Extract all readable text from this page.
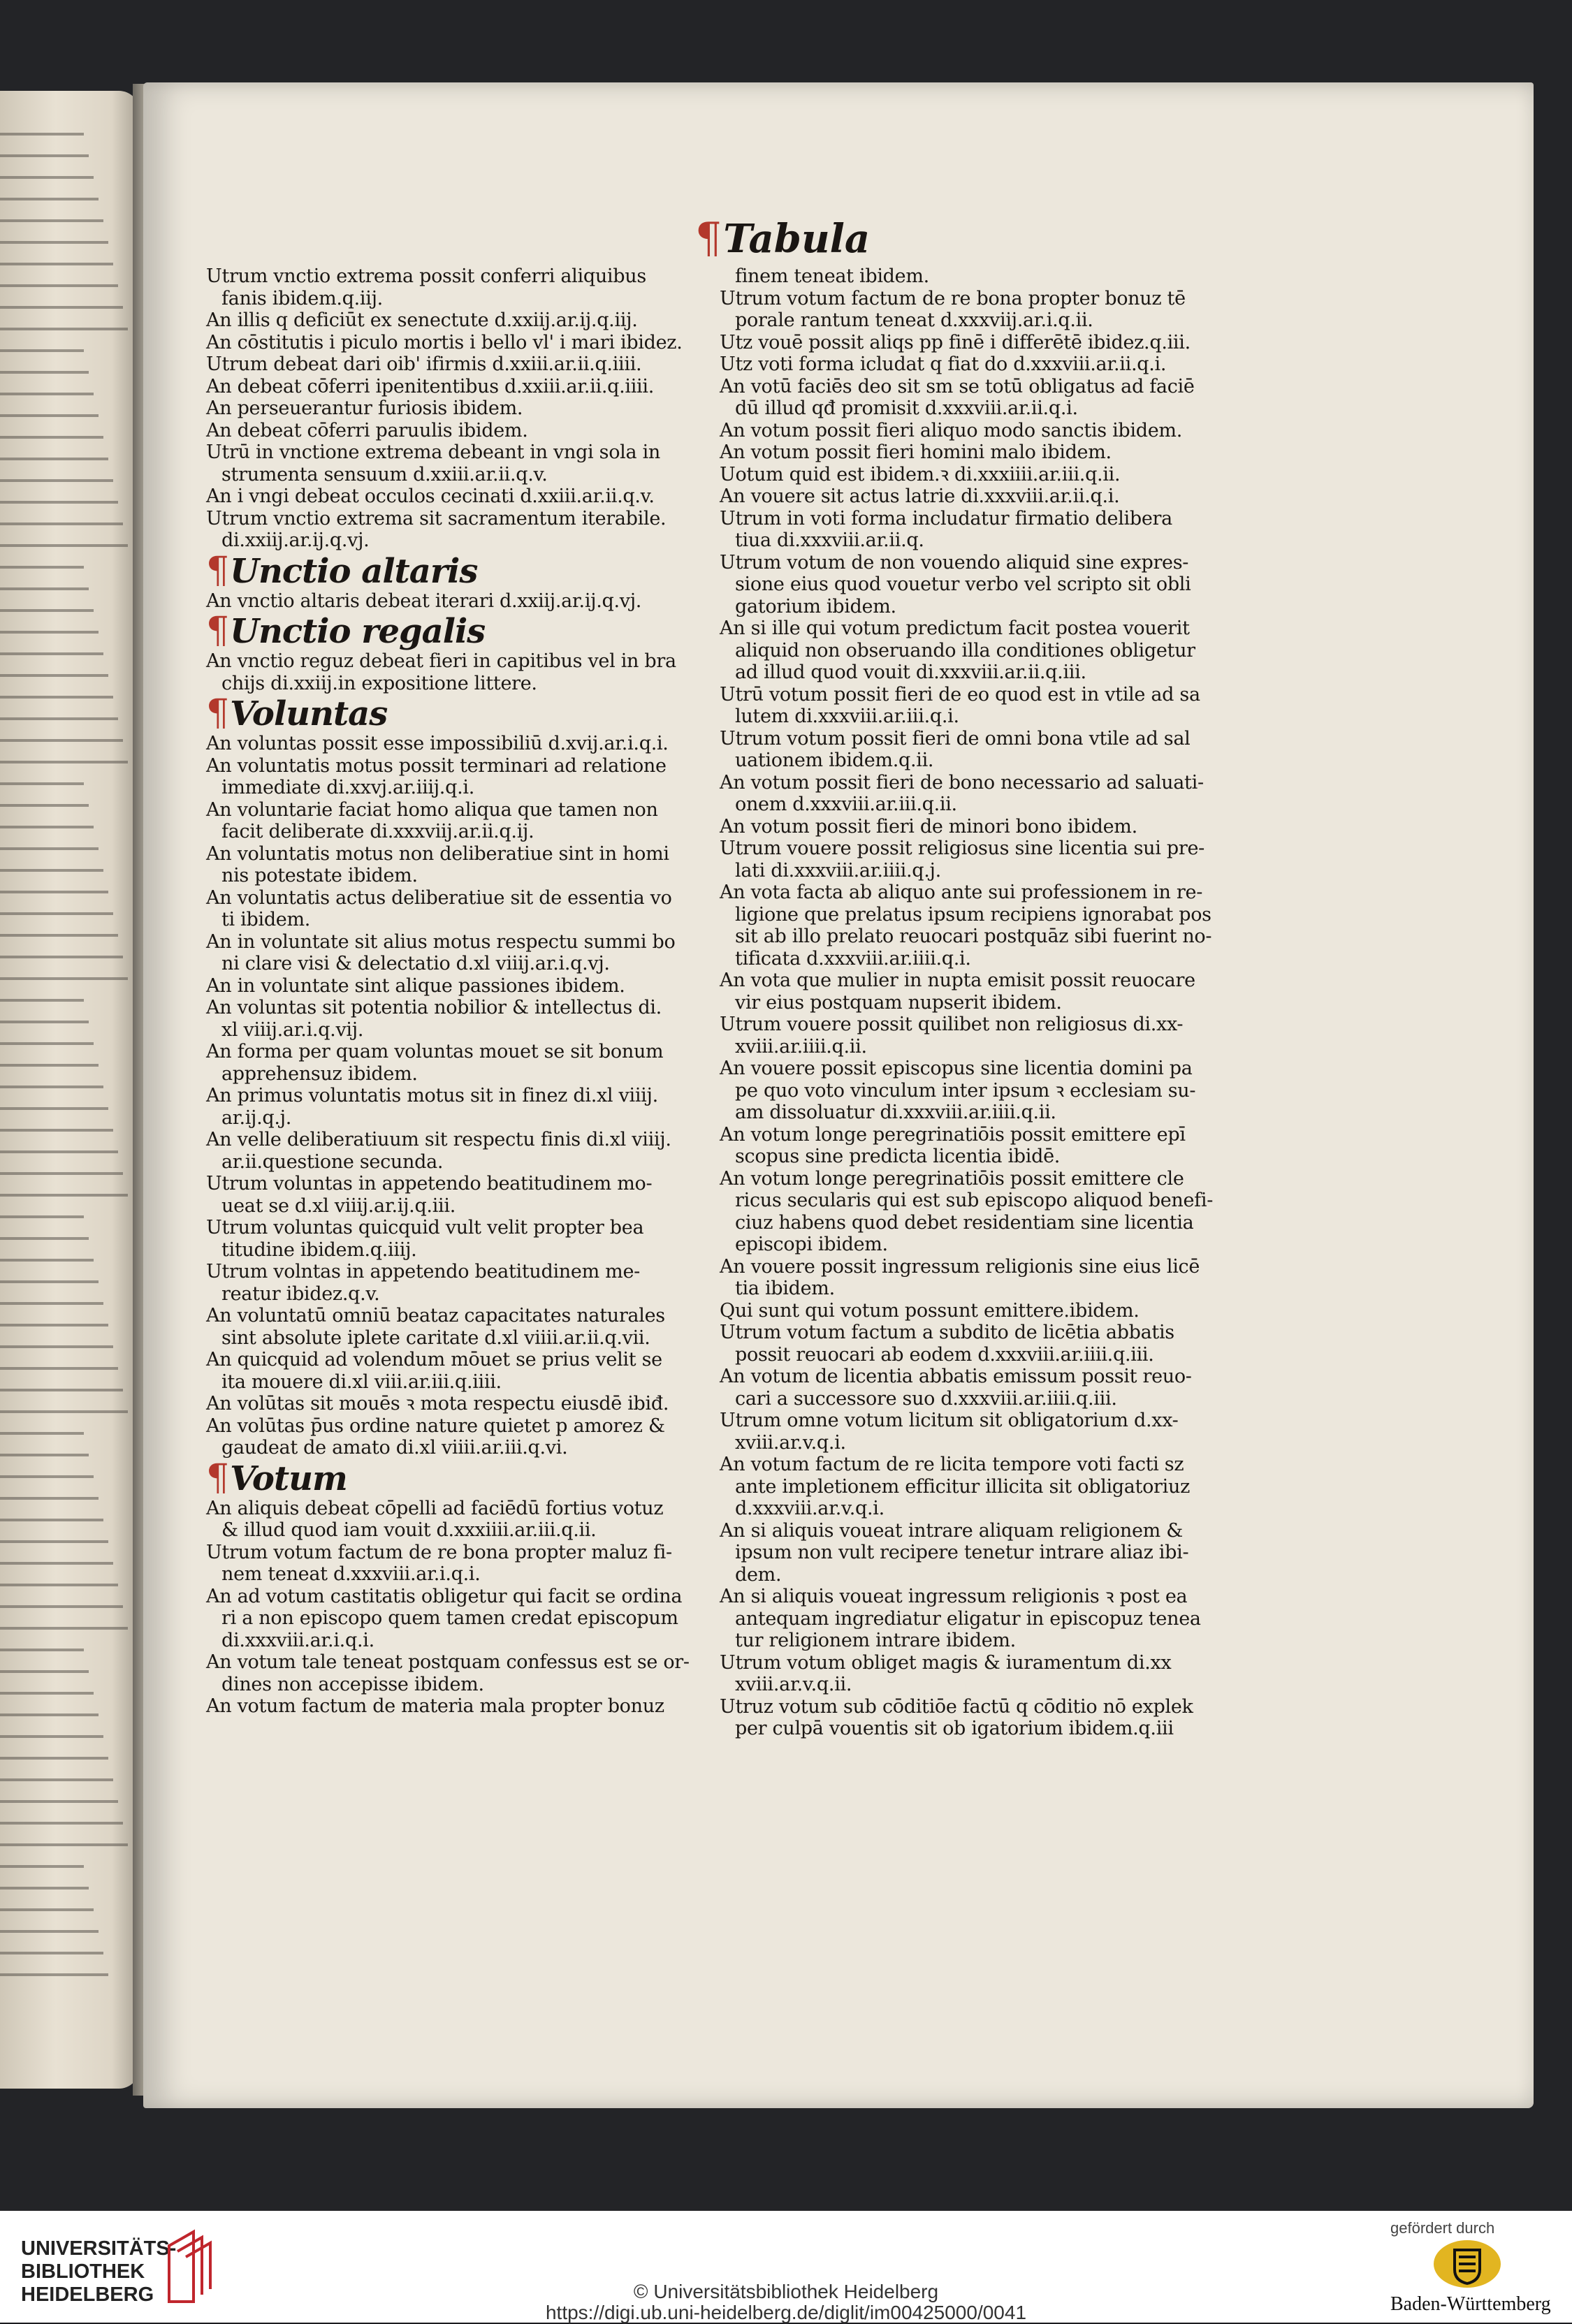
¶Tabula
Utrum vnctio extrema possit conferri aliquibus
fanis ibidem.q.iij.
An illis q deficiūt ex senectute d.xxiij.ar.ij.q.iij.
An cōstitutis i piculo mortis i bello vl' i mari ibidez.
Utrum debeat dari oib' ifirmis d.xxiii.ar.ii.q.iiii.
An debeat cōferri ipenitentibus d.xxiii.ar.ii.q.iiii.
An perseuerantur furiosis ibidem.
An debeat cōferri paruulis ibidem.
Utrū in vnctione extrema debeant in vngi sola in
strumenta sensuum d.xxiii.ar.ii.q.v.
An i vngi debeat occulos cecinati d.xxiii.ar.ii.q.v.
Utrum vnctio extrema sit sacramentum iterabile.
di.xxiij.ar.ij.q.vj.
¶Unctio altaris
An vnctio altaris debeat iterari d.xxiij.ar.ij.q.vj.
¶Unctio regalis
An vnctio reguz debeat fieri in capitibus vel in bra
chijs di.xxiij.in expositione littere.
¶Voluntas
An voluntas possit esse impossibiliū d.xvij.ar.i.q.i.
An voluntatis motus possit terminari ad relatione
immediate di.xxvj.ar.iiij.q.i.
An voluntarie faciat homo aliqua que tamen non
facit deliberate di.xxxviij.ar.ii.q.ij.
An voluntatis motus non deliberatiue sint in homi
nis potestate ibidem.
An voluntatis actus deliberatiue sit de essentia vo
ti ibidem.
An in voluntate sit alius motus respectu summi bo
ni clare visi & delectatio d.xl viiij.ar.i.q.vj.
An in voluntate sint alique passiones ibidem.
An voluntas sit potentia nobilior & intellectus di.
xl viiij.ar.i.q.vij.
An forma per quam voluntas mouet se sit bonum
apprehensuz ibidem.
An primus voluntatis motus sit in finez di.xl viiij.
ar.ij.q.j.
An velle deliberatiuum sit respectu finis di.xl viiij.
ar.ii.questione secunda.
Utrum voluntas in appetendo beatitudinem mo-
ueat se d.xl viiij.ar.ij.q.iii.
Utrum voluntas quicquid vult velit propter bea
titudine ibidem.q.iiij.
Utrum volntas in appetendo beatitudinem me-
reatur ibidez.q.v.
An voluntatū omniū beataz capacitates naturales
sint absolute iplete caritate d.xl viiii.ar.ii.q.vii.
An quicquid ad volendum mōuet se prius velit se
ita mouere di.xl viii.ar.iii.q.iiii.
An volūtas sit mouēs ꝛ mota respectu eiusdē ibiđ.
An volūtas p̄us ordine nature quietet p amorez &
gaudeat de amato di.xl viiii.ar.iii.q.vi.
¶Votum
An aliquis debeat cōpelli ad faciēdū fortius votuz
& illud quod iam vouit d.xxxiiii.ar.iii.q.ii.
Utrum votum factum de re bona propter maluz fi-
nem teneat d.xxxviii.ar.i.q.i.
An ad votum castitatis obligetur qui facit se ordina
ri a non episcopo quem tamen credat episcopum
di.xxxviii.ar.i.q.i.
An votum tale teneat postquam confessus est se or-
dines non accepisse ibidem.
An votum factum de materia mala propter bonuz
finem teneat ibidem.
Utrum votum factum de re bona propter bonuz tē
porale rantum teneat d.xxxviij.ar.i.q.ii.
Utz vouē possit aliqs pp finē i differētē ibidez.q.iii.
Utz voti forma icludat q fiat do d.xxxviii.ar.ii.q.i.
An votū faciēs deo sit sm se totū obligatus ad faciē
dū illud qđ promisit d.xxxviii.ar.ii.q.i.
An votum possit fieri aliquo modo sanctis ibidem.
An votum possit fieri homini malo ibidem.
Uotum quid est ibidem.ꝛ di.xxxiiii.ar.iii.q.ii.
An vouere sit actus latrie di.xxxviii.ar.ii.q.i.
Utrum in voti forma includatur firmatio delibera
tiua di.xxxviii.ar.ii.q.
Utrum votum de non vouendo aliquid sine expres-
sione eius quod vouetur verbo vel scripto sit obli
gatorium ibidem.
An si ille qui votum predictum facit postea vouerit
aliquid non obseruando illa conditiones obligetur
ad illud quod vouit di.xxxviii.ar.ii.q.iii.
Utrū votum possit fieri de eo quod est in vtile ad sa
lutem di.xxxviii.ar.iii.q.i.
Utrum votum possit fieri de omni bona vtile ad sal
uationem ibidem.q.ii.
An votum possit fieri de bono necessario ad saluati-
onem d.xxxviii.ar.iii.q.ii.
An votum possit fieri de minori bono ibidem.
Utrum vouere possit religiosus sine licentia sui pre-
lati di.xxxviii.ar.iiii.q.j.
An vota facta ab aliquo ante sui professionem in re-
ligione que prelatus ipsum recipiens ignorabat pos
sit ab illo prelato reuocari postquāz sibi fuerint no-
tificata d.xxxviii.ar.iiii.q.i.
An vota que mulier in nupta emisit possit reuocare
vir eius postquam nupserit ibidem.
Utrum vouere possit quilibet non religiosus di.xx-
xviii.ar.iiii.q.ii.
An vouere possit episcopus sine licentia domini pa
pe quo voto vinculum inter ipsum ꝛ ecclesiam su-
am dissoluatur di.xxxviii.ar.iiii.q.ii.
An votum longe peregrinatiōis possit emittere epī
scopus sine predicta licentia ibidē.
An votum longe peregrinatiōis possit emittere cle
ricus secularis qui est sub episcopo aliquod benefi-
ciuz habens quod debet residentiam sine licentia
episcopi ibidem.
An vouere possit ingressum religionis sine eius licē
tia ibidem.
Qui sunt qui votum possunt emittere.ibidem.
Utrum votum factum a subdito de licētia abbatis
possit reuocari ab eodem d.xxxviii.ar.iiii.q.iii.
An votum de licentia abbatis emissum possit reuo-
cari a successore suo d.xxxviii.ar.iiii.q.iii.
Utrum omne votum licitum sit obligatorium d.xx-
xviii.ar.v.q.i.
An votum factum de re licita tempore voti facti sz
ante impletionem efficitur illicita sit obligatoriuz
d.xxxviii.ar.v.q.i.
An si aliquis voueat intrare aliquam religionem &
ipsum non vult recipere tenetur intrare aliaz ibi-
dem.
An si aliquis voueat ingressum religionis ꝛ post ea
antequam ingrediatur eligatur in episcopuz tenea
tur religionem intrare ibidem.
Utrum votum obliget magis & iuramentum di.xx
xviii.ar.v.q.ii.
Utruz votum sub cōditiōe factū q cōditio nō explek
per culpā vouentis sit ob igatorium ibidem.q.iii
UNIVERSITÄTS-
BIBLIOTHEK
HEIDELBERG	© Universitätsbibliothek Heidelberg
https://digi.ub.uni-heidelberg.de/diglit/im00425000/0041
gefördert durch
Baden-Württemberg
